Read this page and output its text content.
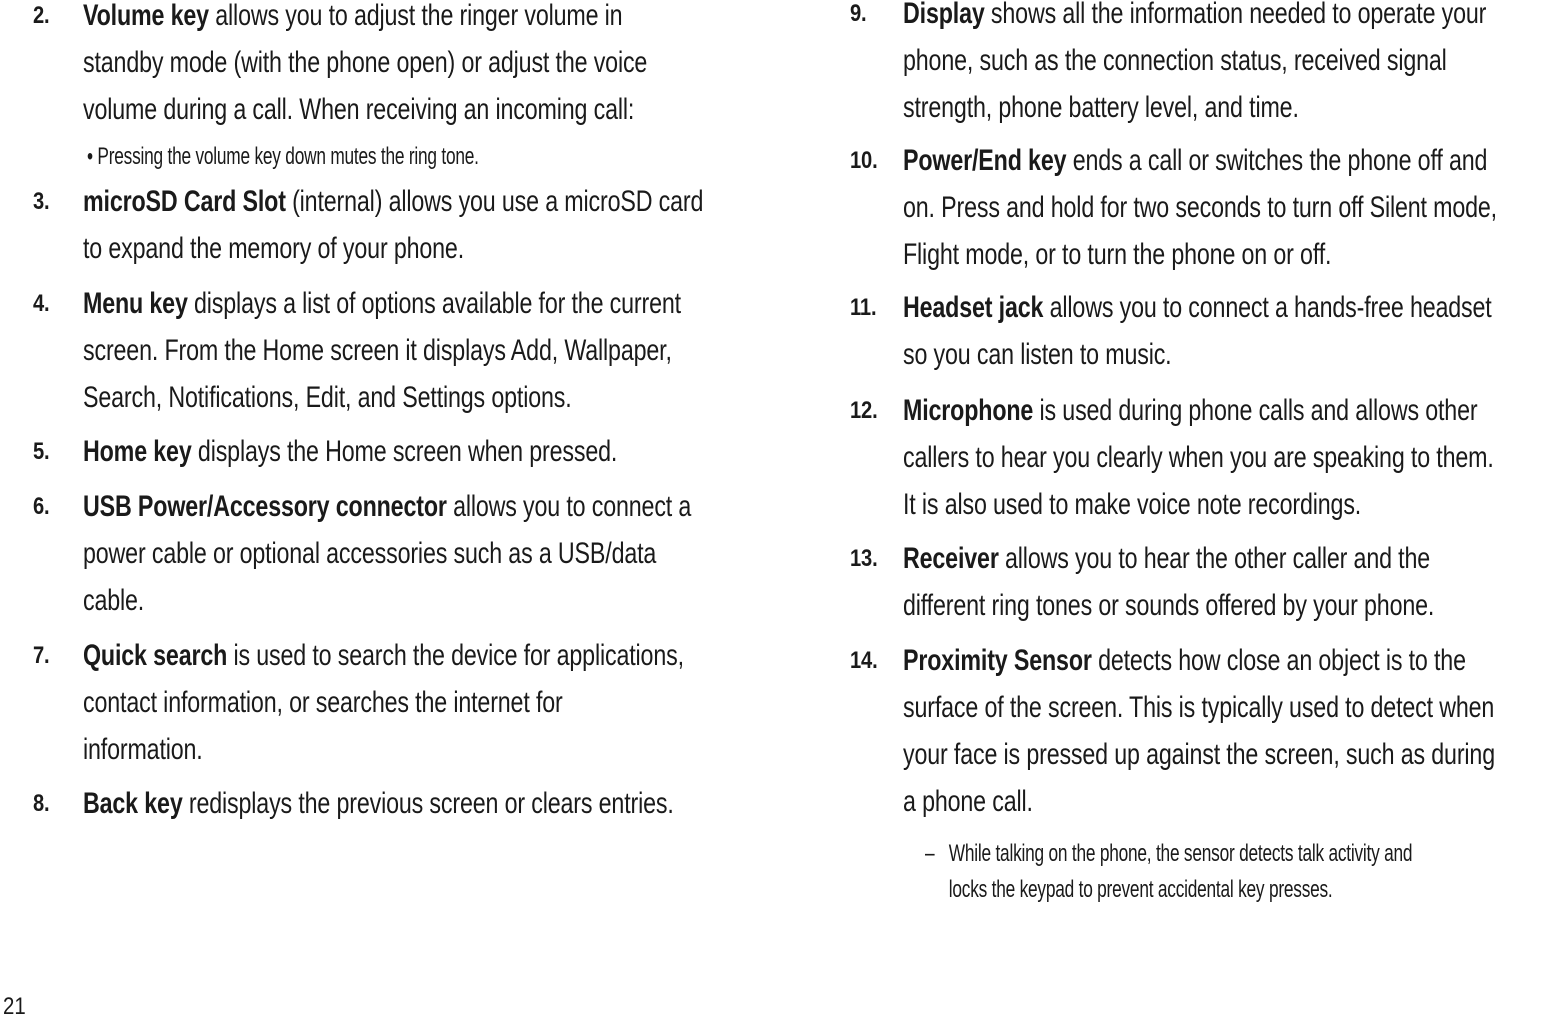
2. Volume key allows you to adjust the ringer volume in
standby mode (with the phone open) or adjust the voice
volume during a call. When receiving an incoming call:
3. microSD Card Slot (internal) allows you use a microSD card
to expand the memory of your phone.
4. Menu key displays a list of options available for the current
screen. From the Home screen it displays Add, Wallpaper,
Search, Notifications, Edit, and Settings options.
5. Home key displays the Home screen when pressed.
6. USB Power/Accessory connector allows you to connect a
power cable or optional accessories such as a USB/data
cable.
7. Quick search is used to search the device for applications,
contact information, or searches the internet for
information.
8. Back key redisplays the previous screen or clears entries.
• Pressing the volume key down mutes the ring tone.
9. Display shows all the information needed to operate your
phone, such as the connection status, received signal
strength, phone battery level, and time.
10. Power/End key ends a call or switches the phone off and
on. Press and hold for two seconds to turn off Silent mode,
Flight mode, or to turn the phone on or off.
11. Headset jack allows you to connect a hands-free headset
so you can listen to music.
12. Microphone is used during phone calls and allows other
callers to hear you clearly when you are speaking to them.
It is also used to make voice note recordings.
13. Receiver allows you to hear the other caller and the
different ring tones or sounds offered by your phone.
14. Proximity Sensor detects how close an object is to the
surface of the screen. This is typically used to detect when
your face is pressed up against the screen, such as during
a phone call.
– While talking on the phone, the sensor detects talk activity and
locks the keypad to prevent accidental key presses.
21
